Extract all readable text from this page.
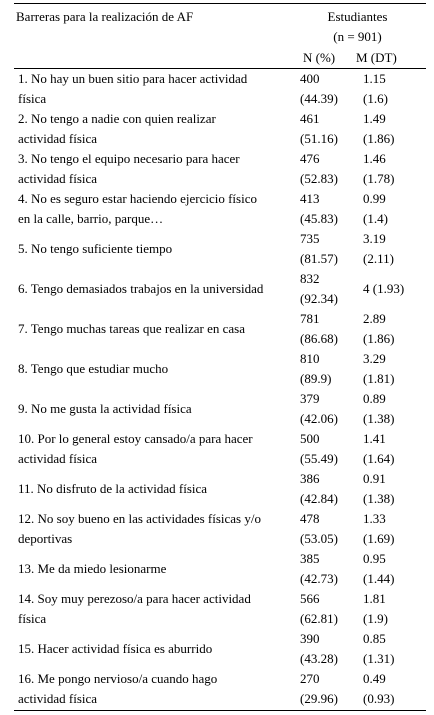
Barreras para la realización de AF	Estudiantes
(n = 901)
N (%) M (DT)
1. No hay un buen sitio para hacer actividad
física
400
(44.39)
1.15
(1.6)
2. No tengo a nadie con quien realizar
actividad física
461
(51.16)
1.49
(1.86)
3. No tengo el equipo necesario para hacer
actividad física
476
(52.83)
1.46
(1.78)
4. No es seguro estar haciendo ejercicio físico
en la calle, barrio, parque…
413
(45.83)
0.99
(1.4)
5. No tengo suficiente tiempo
735
(81.57)
3.19
(2.11)
6. Tengo demasiados trabajos en la universidad
832
(92.34)
4 (1.93)
7. Tengo muchas tareas que realizar en casa
781
(86.68)
2.89
(1.86)
8. Tengo que estudiar mucho
810
(89.9)
3.29
(1.81)
9. No me gusta la actividad física
379
(42.06)
0.89
(1.38)
10. Por lo general estoy cansado/a para hacer
actividad física
500
(55.49)
1.41
(1.64)
11. No disfruto de la actividad física
386
(42.84)
0.91
(1.38)
12. No soy bueno en las actividades físicas y/o
deportivas
478
(53.05)
1.33
(1.69)
13. Me da miedo lesionarme
385
(42.73)
0.95
(1.44)
14. Soy muy perezoso/a para hacer actividad
física
566
(62.81)
1.81
(1.9)
15. Hacer actividad física es aburrido
390
(43.28)
0.85
(1.31)
16. Me pongo nervioso/a cuando hago
actividad física
270
(29.96)
0.49
(0.93)
